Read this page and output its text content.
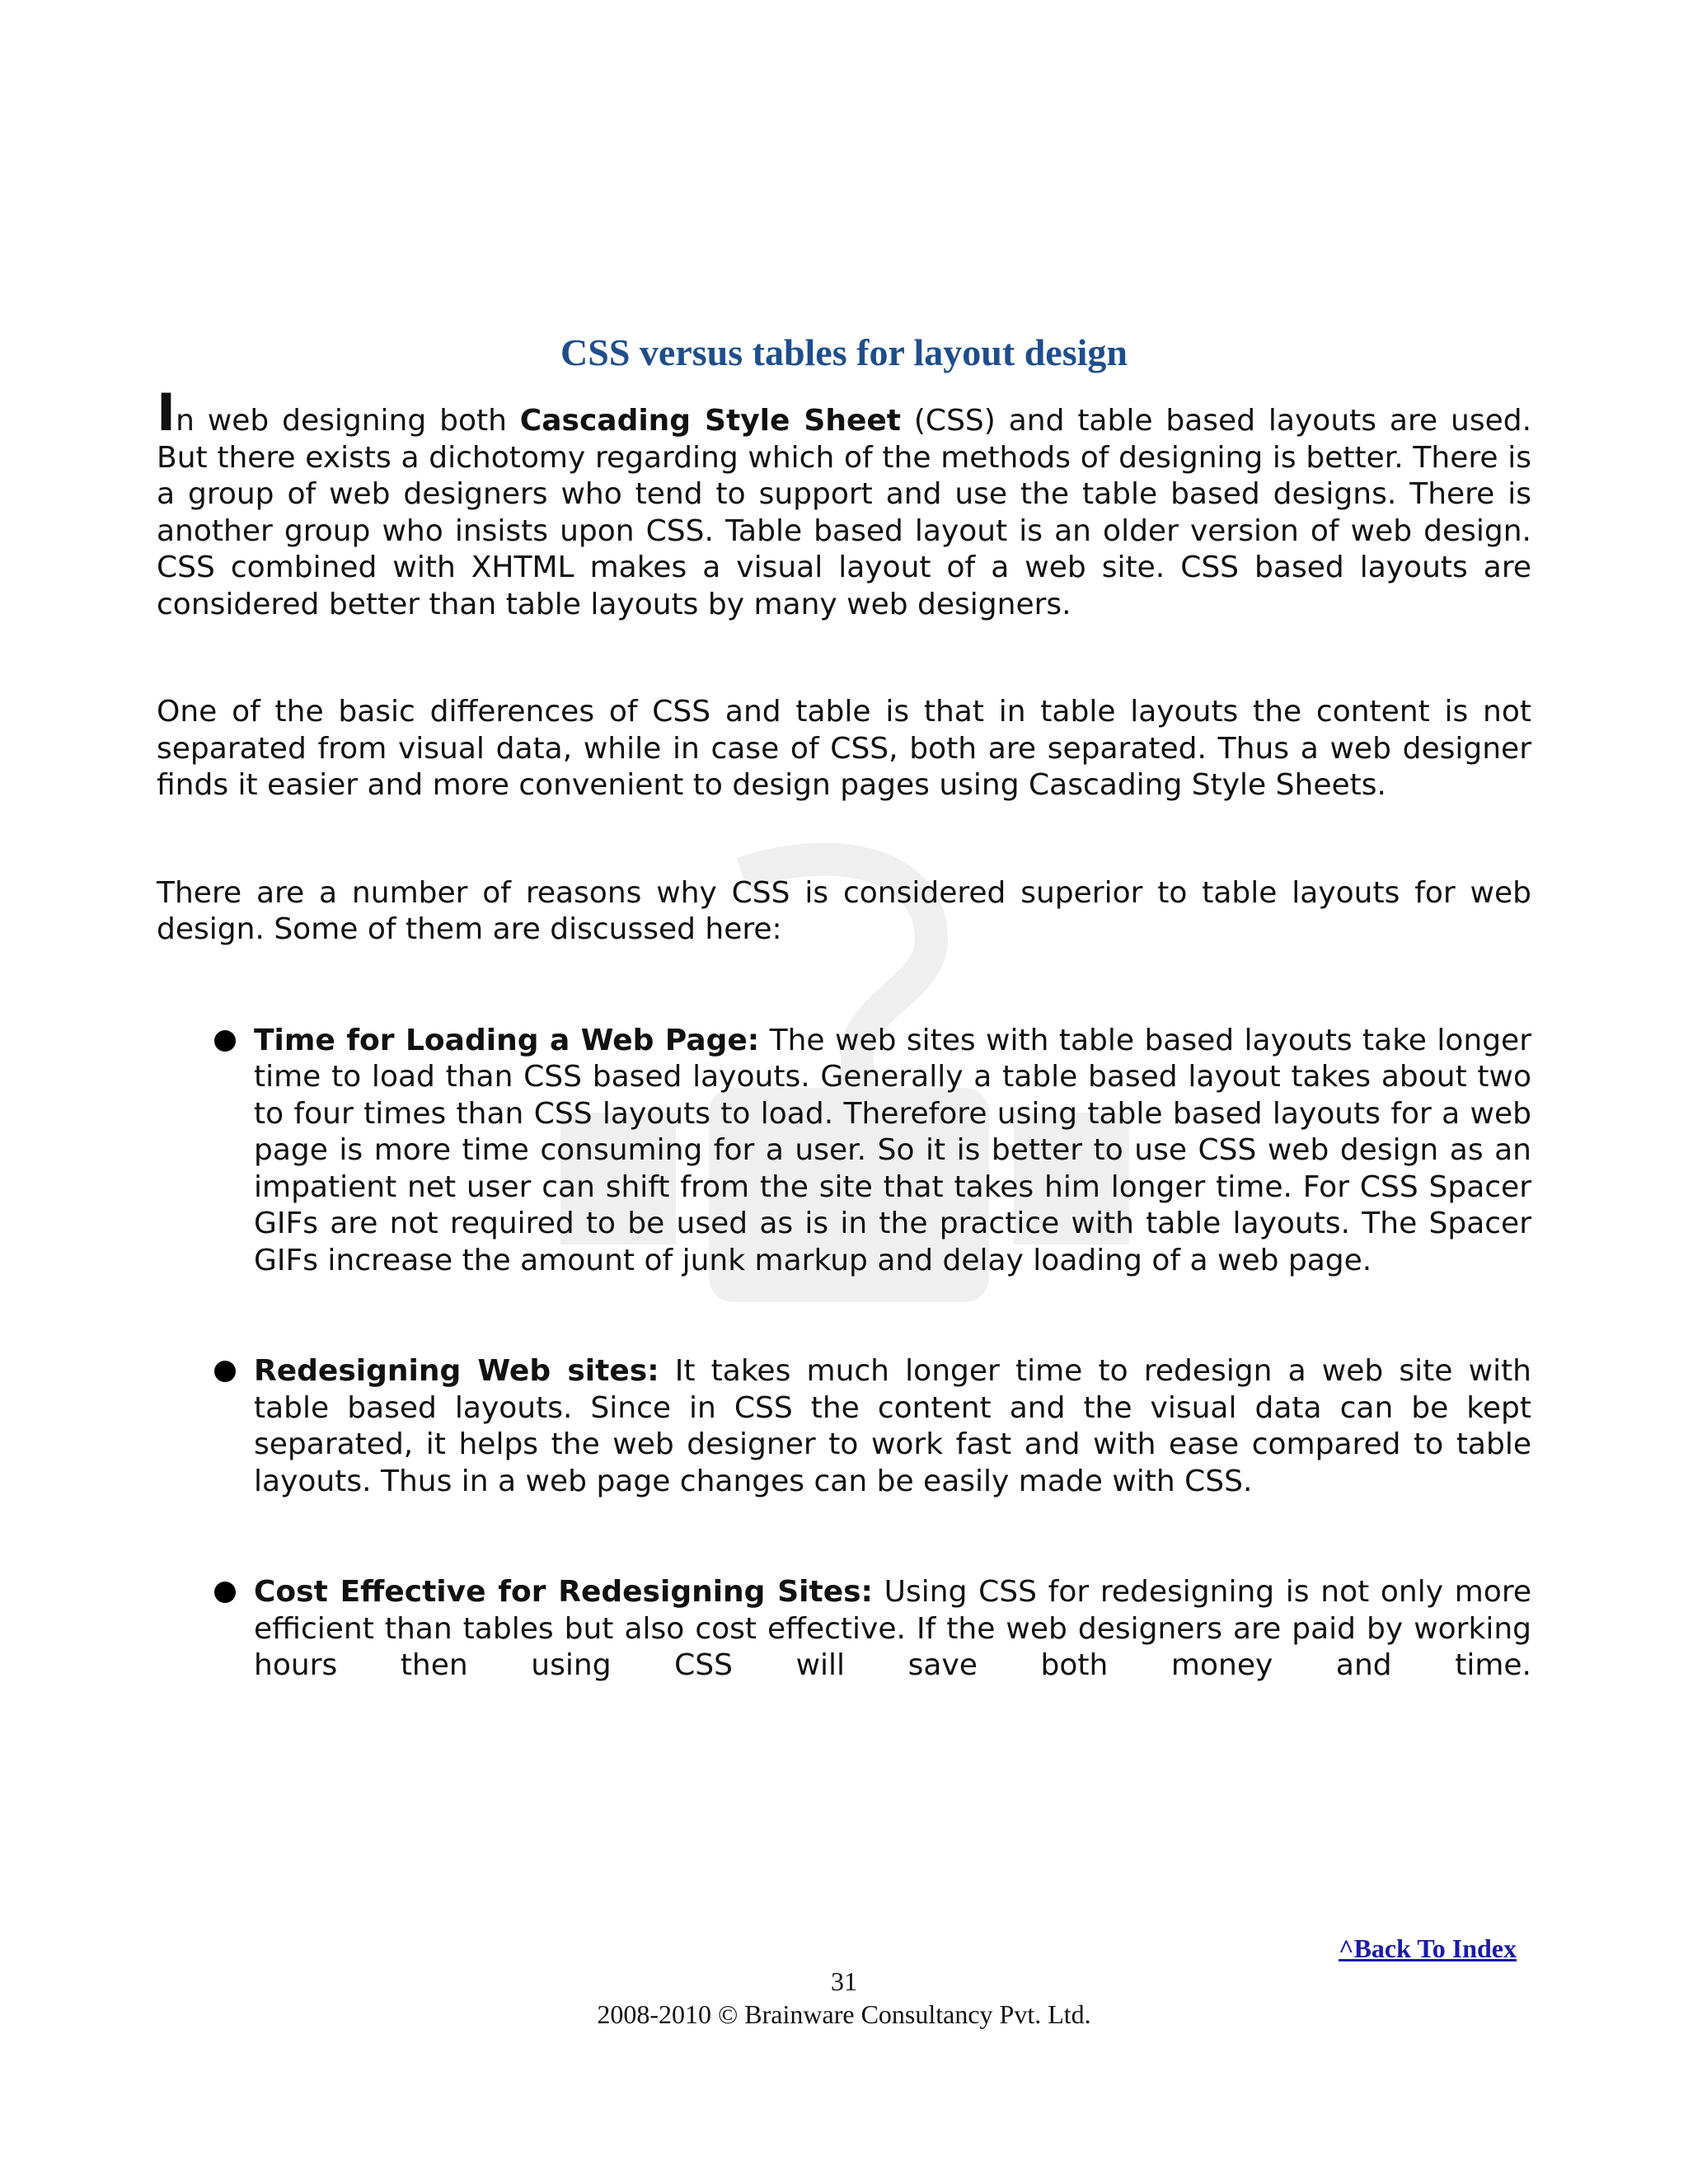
CSS versus tables for layout design

In web designing both Cascading Style Sheet (CSS) and table based layouts are used. But there exists a dichotomy regarding which of the methods of designing is better. There is a group of web designers who tend to support and use the table based designs. There is another group who insists upon CSS. Table based layout is an older version of web design. CSS combined with XHTML makes a visual layout of a web site. CSS based layouts are considered better than table layouts by many web designers.

One of the basic differences of CSS and table is that in table layouts the content is not separated from visual data, while in case of CSS, both are separated. Thus a web designer finds it easier and more convenient to design pages using Cascading Style Sheets.

There are a number of reasons why CSS is considered superior to table layouts for web design. Some of them are discussed here:

Time for Loading a Web Page: The web sites with table based layouts take longer time to load than CSS based layouts. Generally a table based layout takes about two to four times than CSS layouts to load. Therefore using table based layouts for a web page is more time consuming for a user. So it is better to use CSS web design as an impatient net user can shift from the site that takes him longer time. For CSS Spacer GIFs are not required to be used as is in the practice with table layouts. The Spacer GIFs increase the amount of junk markup and delay loading of a web page.
Redesigning Web sites: It takes much longer time to redesign a web site with table based layouts. Since in CSS the content and the visual data can be kept separated, it helps the web designer to work fast and with ease compared to table layouts. Thus in a web page changes can be easily made with CSS.
Cost Effective for Redesigning Sites: Using CSS for redesigning is not only more efficient than tables but also cost effective. If the web designers are paid by working hours then using CSS will save both money and time.
^Back To Index
31
2008-2010 © Brainware Consultancy Pvt. Ltd.
